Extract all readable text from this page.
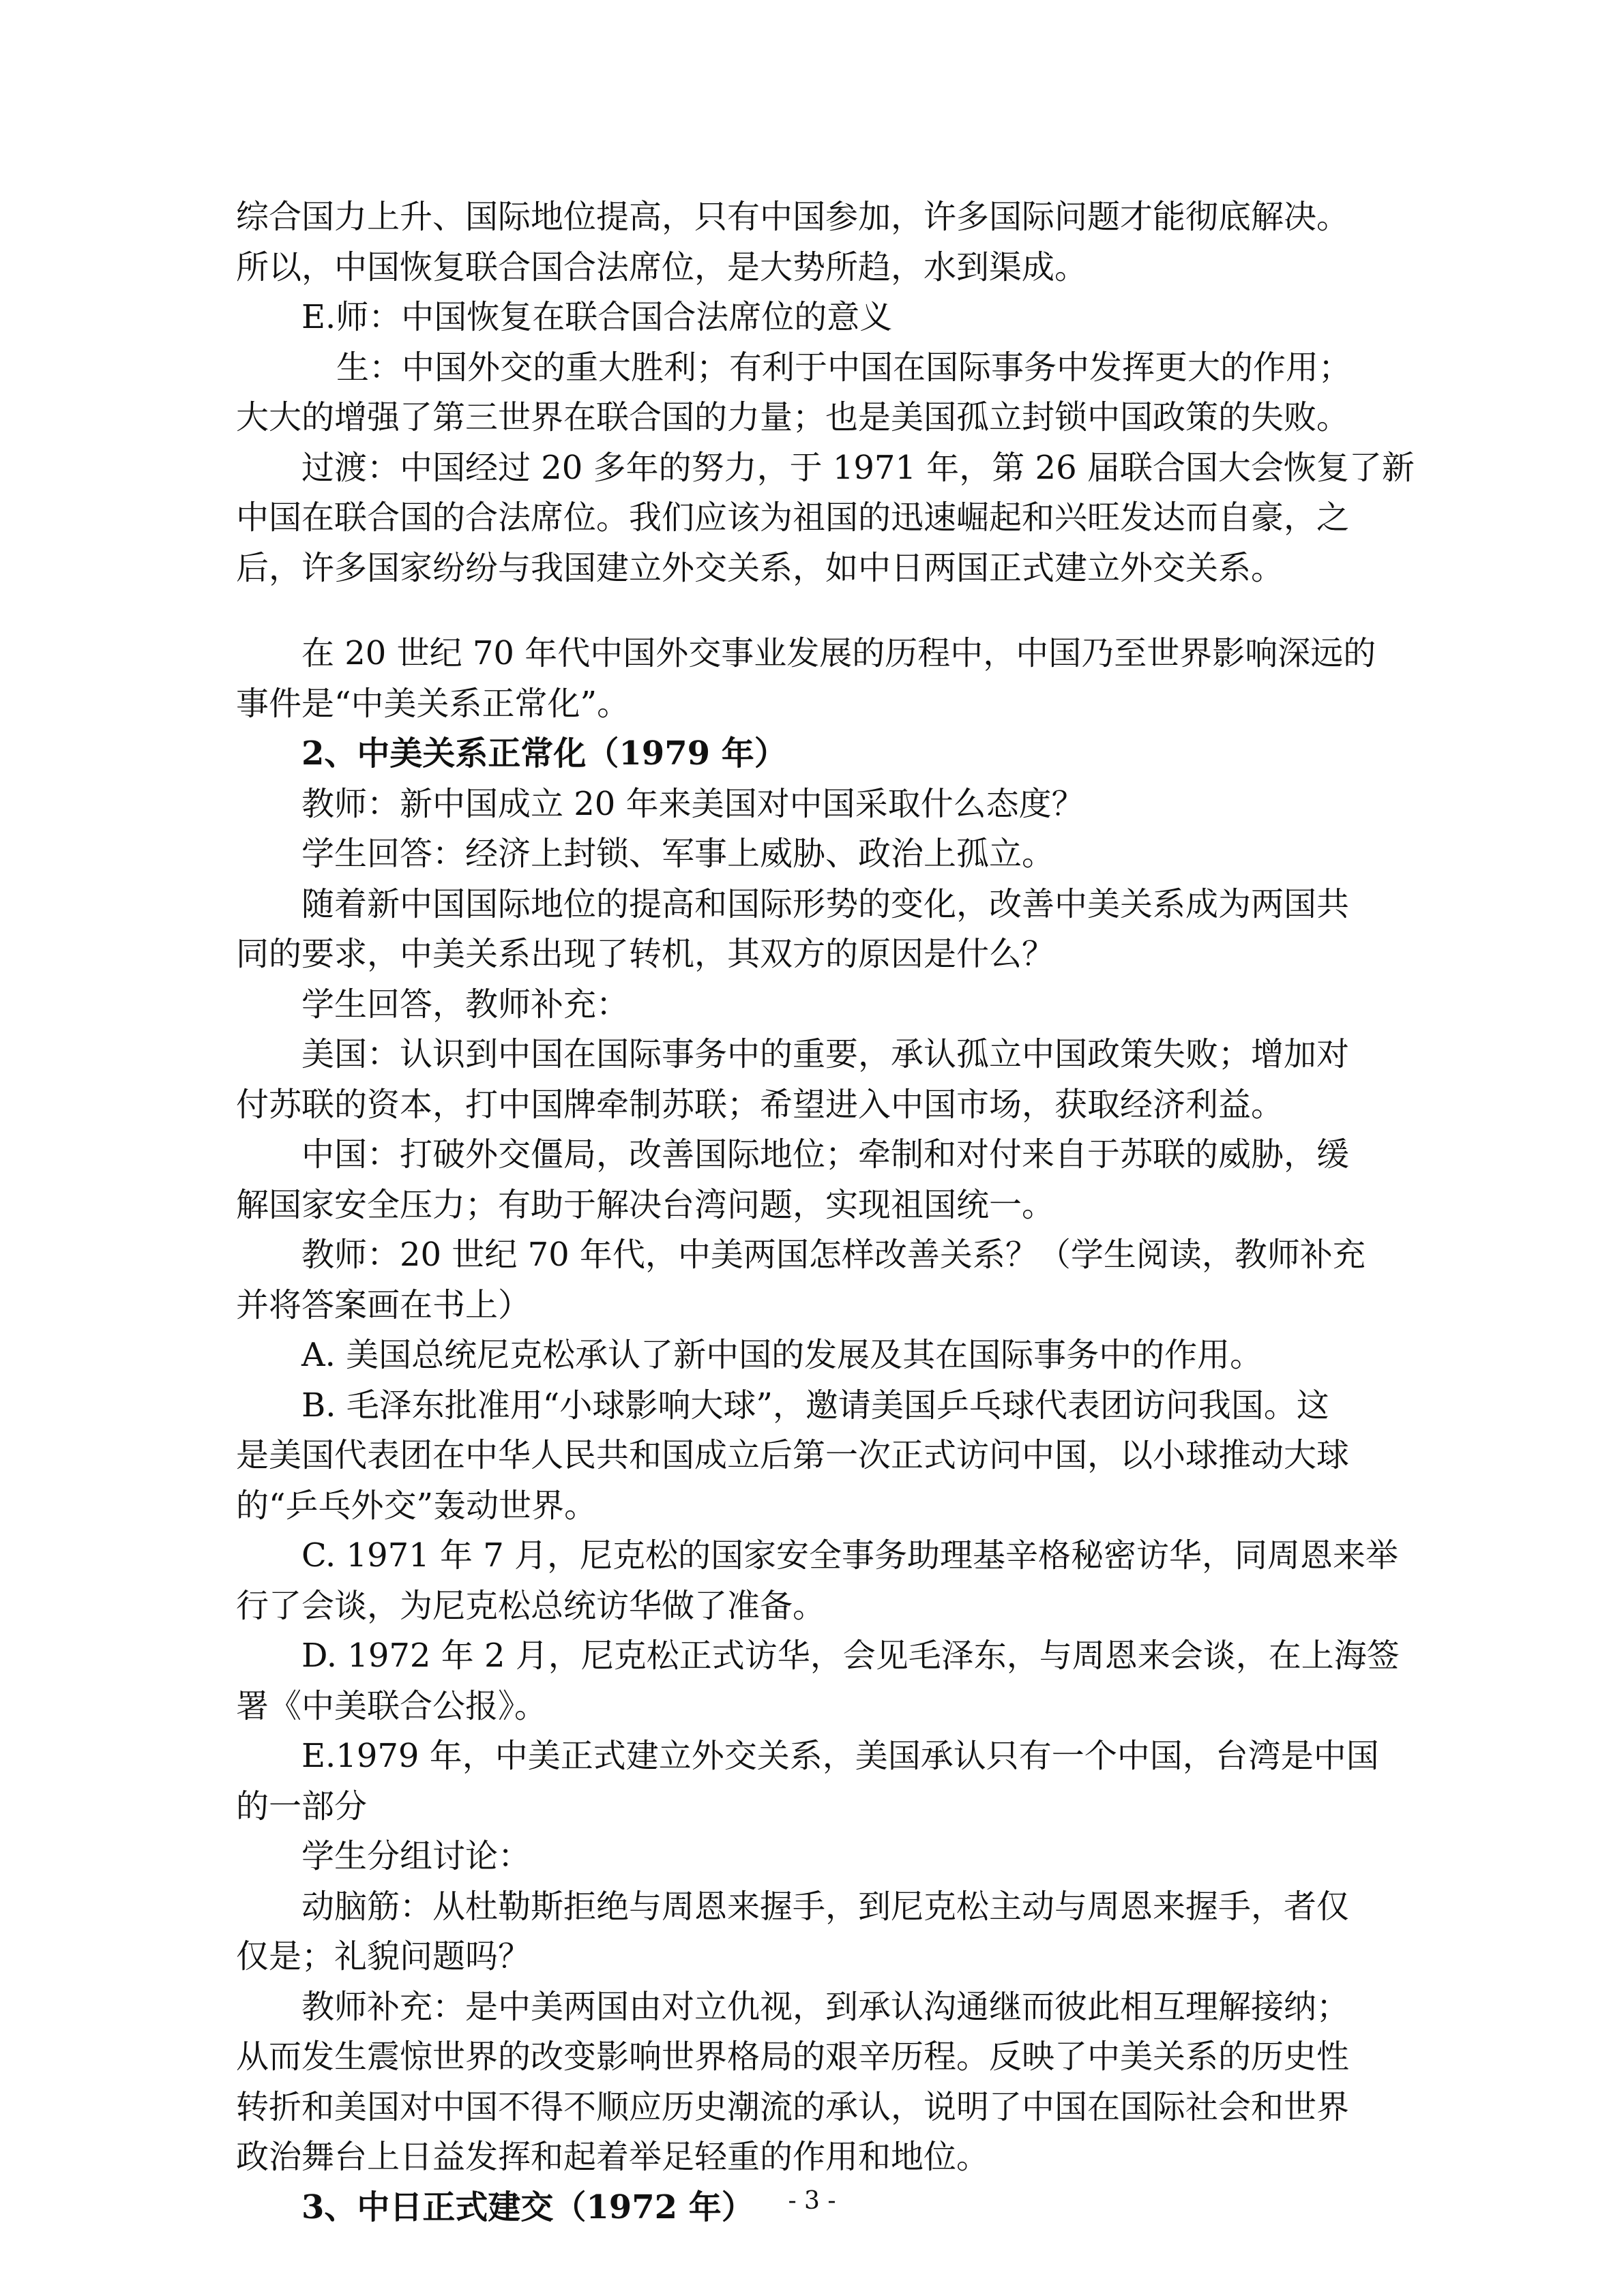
综合国力上升、国际地位提高，只有中国参加，许多国际问题才能彻底解决。
所以，中国恢复联合国合法席位，是大势所趋，水到渠成。
E.师：中国恢复在联合国合法席位的意义
生：中国外交的重大胜利；有利于中国在国际事务中发挥更大的作用；
大大的增强了第三世界在联合国的力量；也是美国孤立封锁中国政策的失败。
过渡：中国经过 20 多年的努力，于 1971 年，第 26 届联合国大会恢复了新
中国在联合国的合法席位。我们应该为祖国的迅速崛起和兴旺发达而自豪，之
后，许多国家纷纷与我国建立外交关系，如中日两国正式建立外交关系。
在 20 世纪 70 年代中国外交事业发展的历程中，中国乃至世界影响深远的
事件是“中美关系正常化”。
2、中美关系正常化（1979 年）
教师：新中国成立 20 年来美国对中国采取什么态度？
学生回答：经济上封锁、军事上威胁、政治上孤立。
随着新中国国际地位的提高和国际形势的变化，改善中美关系成为两国共
同的要求，中美关系出现了转机，其双方的原因是什么？
学生回答，教师补充：
美国：认识到中国在国际事务中的重要，承认孤立中国政策失败；增加对
付苏联的资本，打中国牌牵制苏联；希望进入中国市场，获取经济利益。
中国：打破外交僵局，改善国际地位；牵制和对付来自于苏联的威胁，缓
解国家安全压力；有助于解决台湾问题，实现祖国统一。
教师：20 世纪 70 年代，中美两国怎样改善关系？（学生阅读，教师补充
并将答案画在书上）
A. 美国总统尼克松承认了新中国的发展及其在国际事务中的作用。
B. 毛泽东批准用“小球影响大球”，邀请美国乒乓球代表团访问我国。这
是美国代表团在中华人民共和国成立后第一次正式访问中国，以小球推动大球
的“乒乓外交”轰动世界。
C. 1971 年 7 月，尼克松的国家安全事务助理基辛格秘密访华，同周恩来举
行了会谈，为尼克松总统访华做了准备。
D. 1972 年 2 月，尼克松正式访华，会见毛泽东，与周恩来会谈，在上海签
署《中美联合公报》。
E.1979 年，中美正式建立外交关系，美国承认只有一个中国，台湾是中国
的一部分
学生分组讨论：
动脑筋：从杜勒斯拒绝与周恩来握手，到尼克松主动与周恩来握手，者仅
仅是；礼貌问题吗？
教师补充：是中美两国由对立仇视，到承认沟通继而彼此相互理解接纳；
从而发生震惊世界的改变影响世界格局的艰辛历程。反映了中美关系的历史性
转折和美国对中国不得不顺应历史潮流的承认，说明了中国在国际社会和世界
政治舞台上日益发挥和起着举足轻重的作用和地位。
3、中日正式建交（1972 年）	- 3 -
